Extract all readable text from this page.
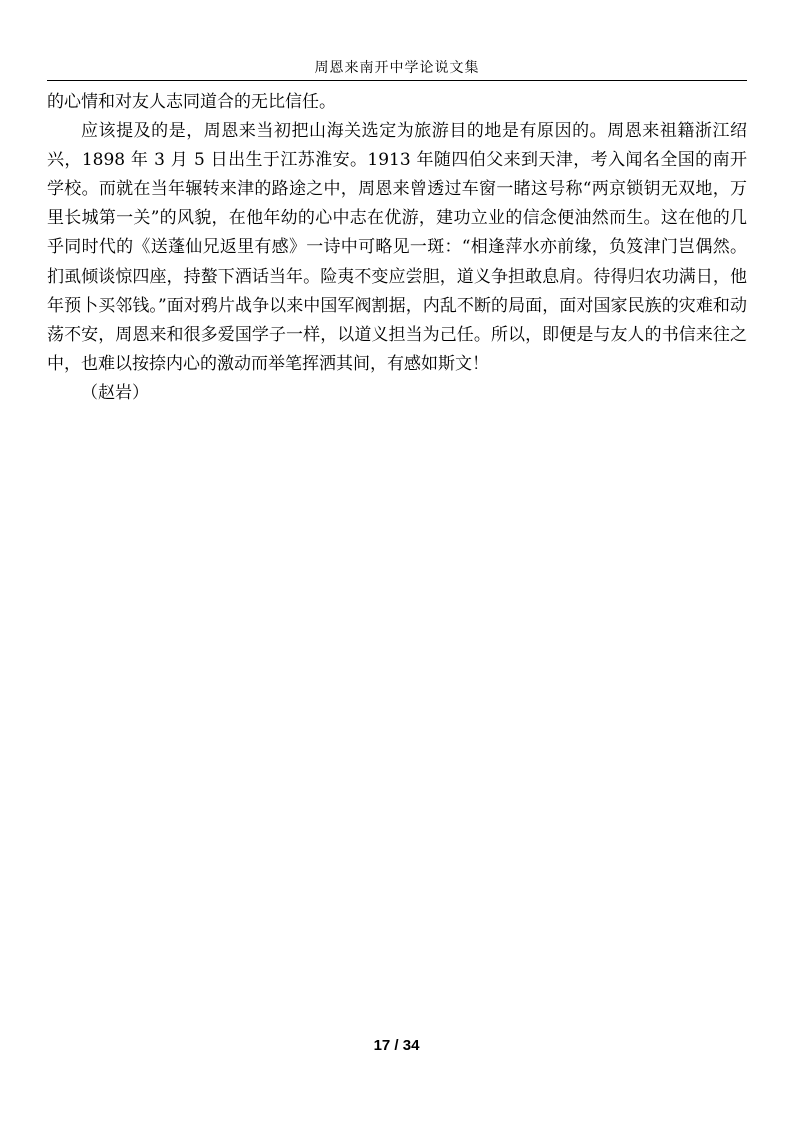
周恩来南开中学论说文集

的心情和对友人志同道合的无比信任。

应该提及的是，周恩来当初把山海关选定为旅游目的地是有原因的。周恩来祖籍浙江绍兴，1898 年 3 月 5 日出生于江苏淮安。1913 年随四伯父来到天津，考入闻名全国的南开学校。而就在当年辗转来津的路途之中，周恩来曾透过车窗一睹这号称“两京锁钥无双地，万里长城第一关”的风貌，在他年幼的心中志在优游，建功立业的信念便油然而生。这在他的几乎同时代的《送蓬仙兄返里有感》一诗中可略见一斑：“相逢萍水亦前缘，负笈津门岂偶然。扪虱倾谈惊四座，持螯下酒话当年。险夷不变应尝胆，道义争担敢息肩。待得归农功满日，他年预卜买邻钱。”面对鸦片战争以来中国军阀割据，内乱不断的局面，面对国家民族的灾难和动荡不安，周恩来和很多爱国学子一样，以道义担当为己任。所以，即便是与友人的书信来往之中，也难以按捺内心的激动而举笔挥洒其间，有感如斯文！

（赵岩）

17 / 34
